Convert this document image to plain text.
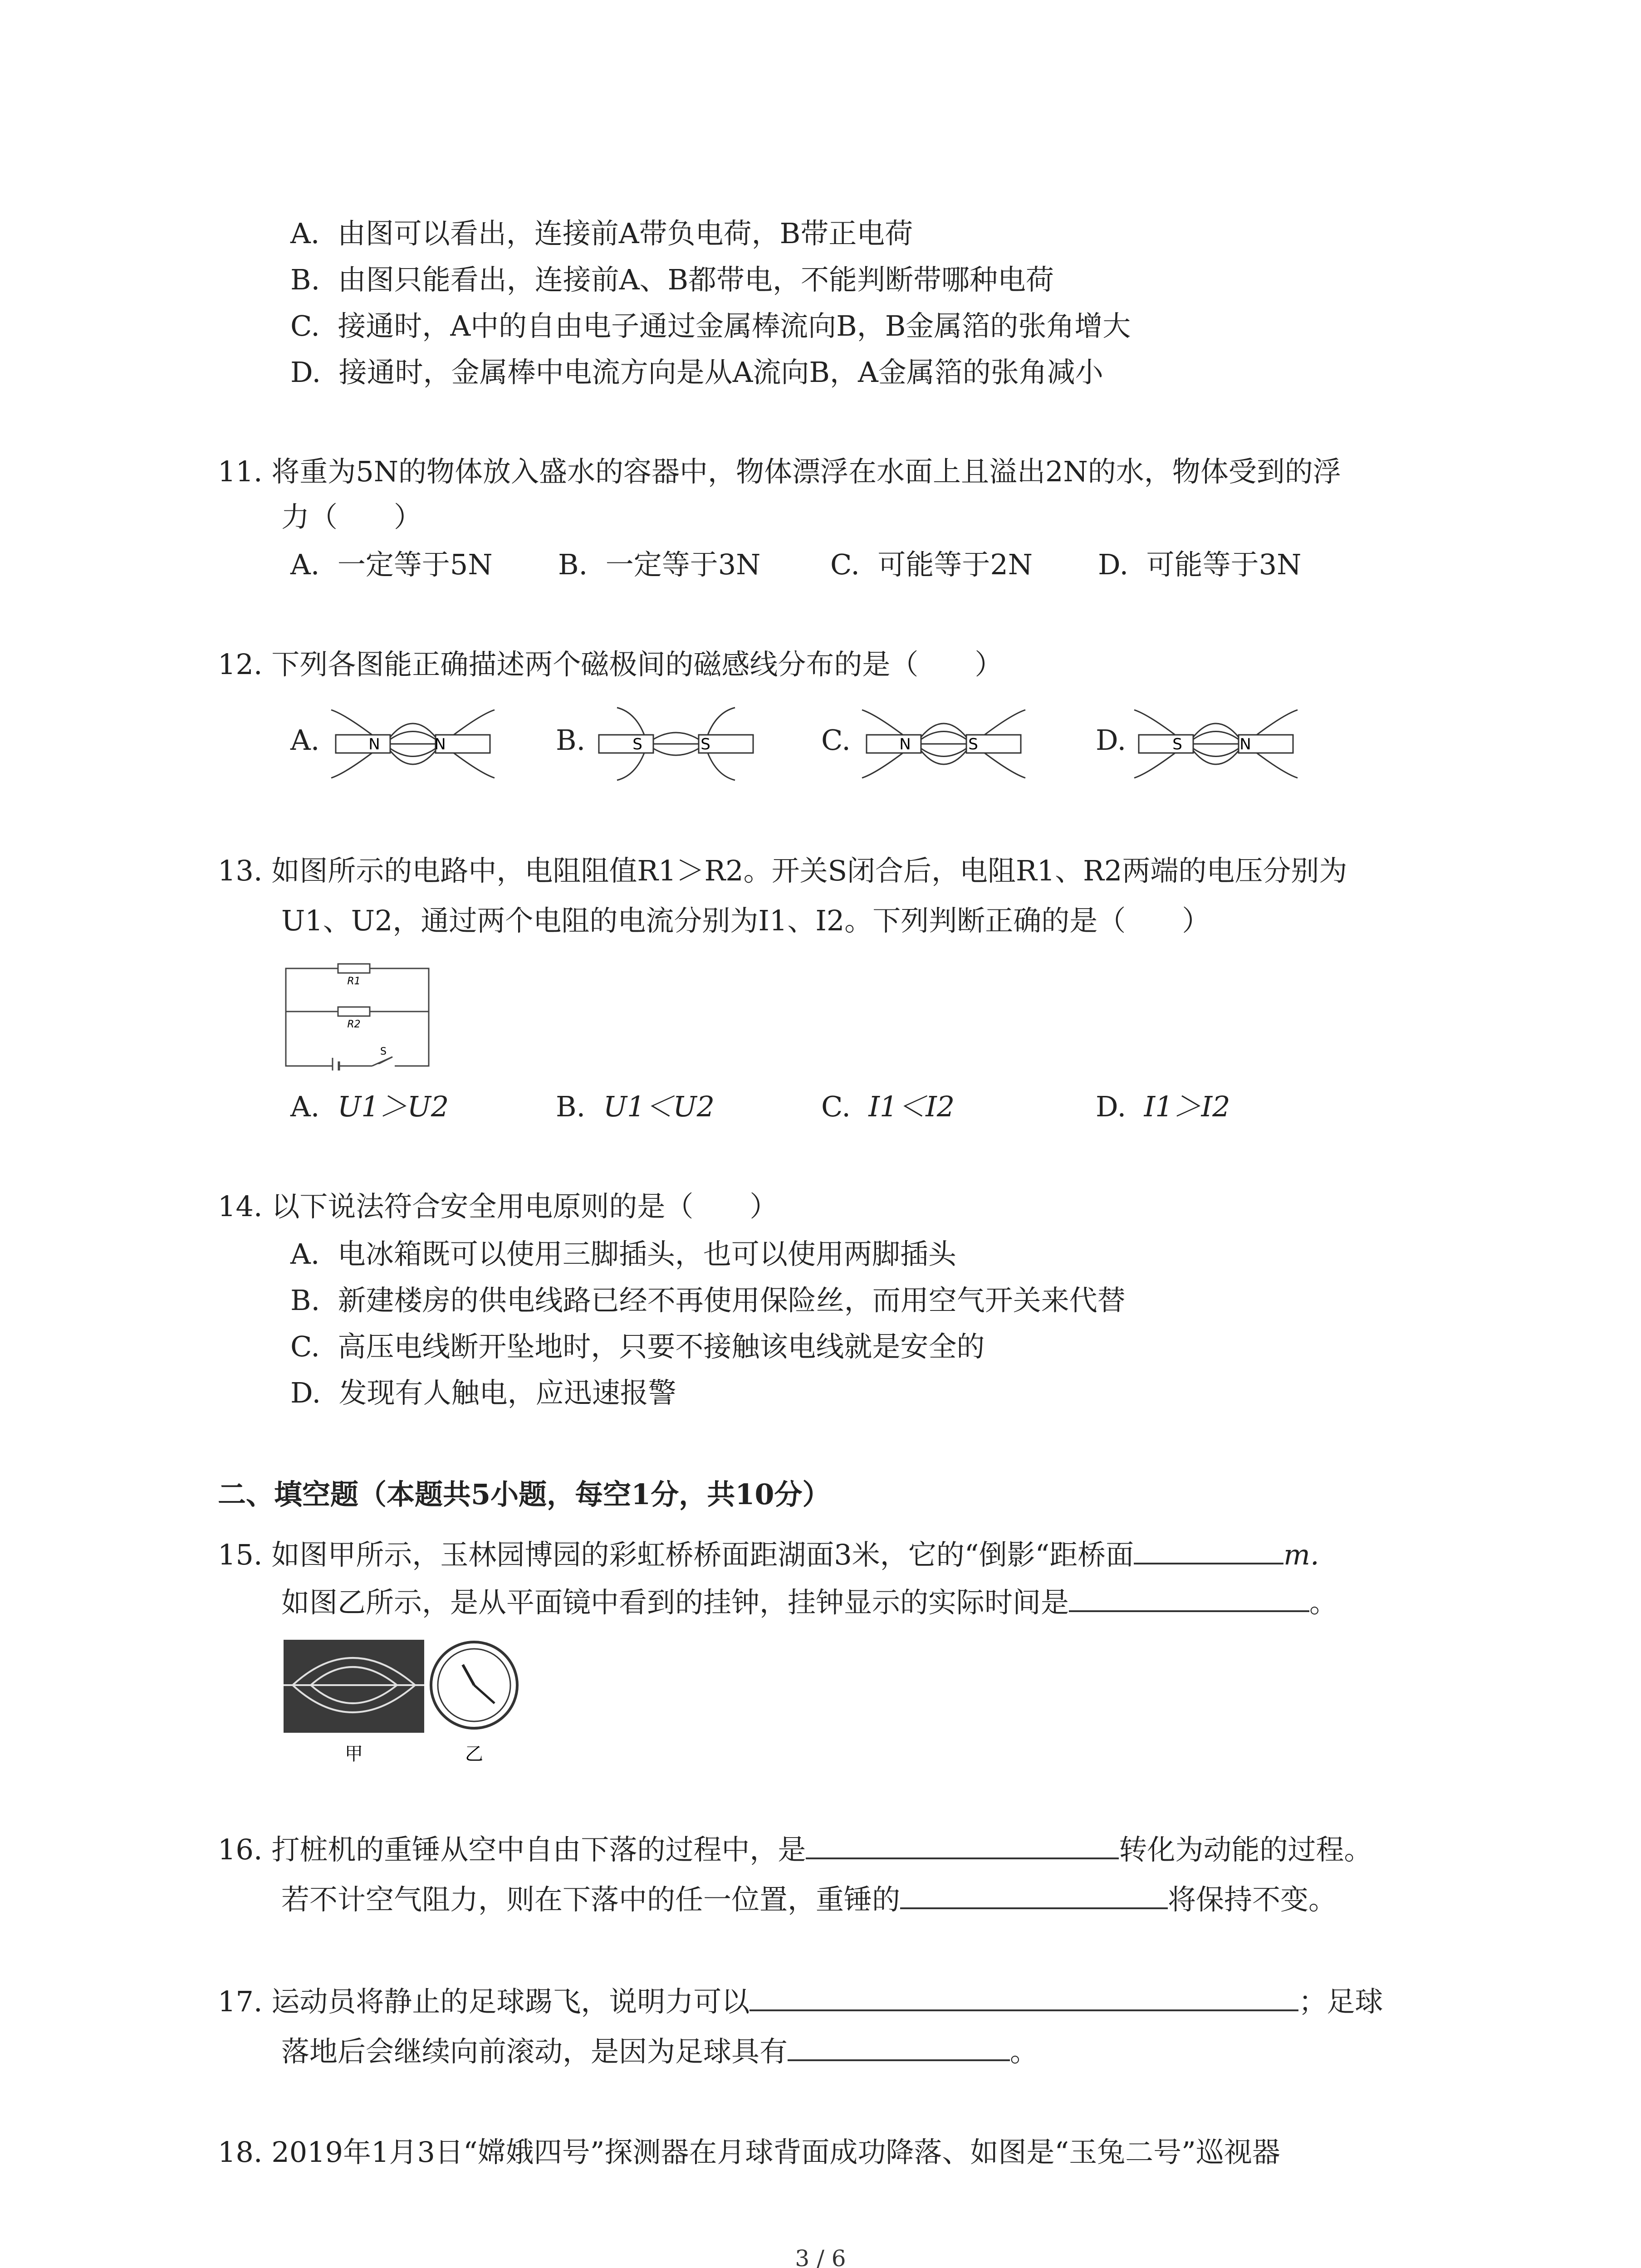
A. 由图可以看出，连接前A带负电荷，B带正电荷
B. 由图只能看出，连接前A、B都带电，不能判断带哪种电荷
C. 接通时，A中的自由电子通过金属棒流向B，B金属箔的张角增大
D. 接通时，金属棒中电流方向是从A流向B，A金属箔的张角减小
11. 将重为5N的物体放入盛水的容器中，物体漂浮在水面上且溢出2N的水，物体受到的浮
力（　　）
A. 一定等于5N B. 一定等于3N C. 可能等于2N D. 可能等于3N
12. 下列各图能正确描述两个磁极间的磁感线分布的是（　　）
A.	N	N	B.	S	S	C.	N	S	D.	S	N
13. 如图所示的电路中，电阻阻值R1＞R2。开关S闭合后，电阻R1、R2两端的电压分别为
U1、U2，通过两个电阻的电流分别为I1、I2。下列判断正确的是（　　）
R1
R2
S
A. U1＞U2	B. U1＜U2	C. I1＜I2	D. I1＞I2
14. 以下说法符合安全用电原则的是（　　）
A. 电冰箱既可以使用三脚插头，也可以使用两脚插头
B. 新建楼房的供电线路已经不再使用保险丝，而用空气开关来代替
C. 高压电线断开坠地时，只要不接触该电线就是安全的
D. 发现有人触电，应迅速报警
二、填空题（本题共5小题，每空1分，共10分）
15. 如图甲所示，玉林园博园的彩虹桥桥面距湖面3米，它的“倒影“距桥面	m.
如图乙所示，是从平面镜中看到的挂钟，挂钟显示的实际时间是	。
甲	乙
16. 打桩机的重锤从空中自由下落的过程中，是	转化为动能的过程。
若不计空气阻力，则在下落中的任一位置，重锤的	将保持不变。
17. 运动员将静止的足球踢飞，说明力可以	；足球
落地后会继续向前滚动，是因为足球具有	。
18. 2019年1月3日“嫦娥四号”探测器在月球背面成功降落、如图是“玉兔二号”巡视器
3 / 6
